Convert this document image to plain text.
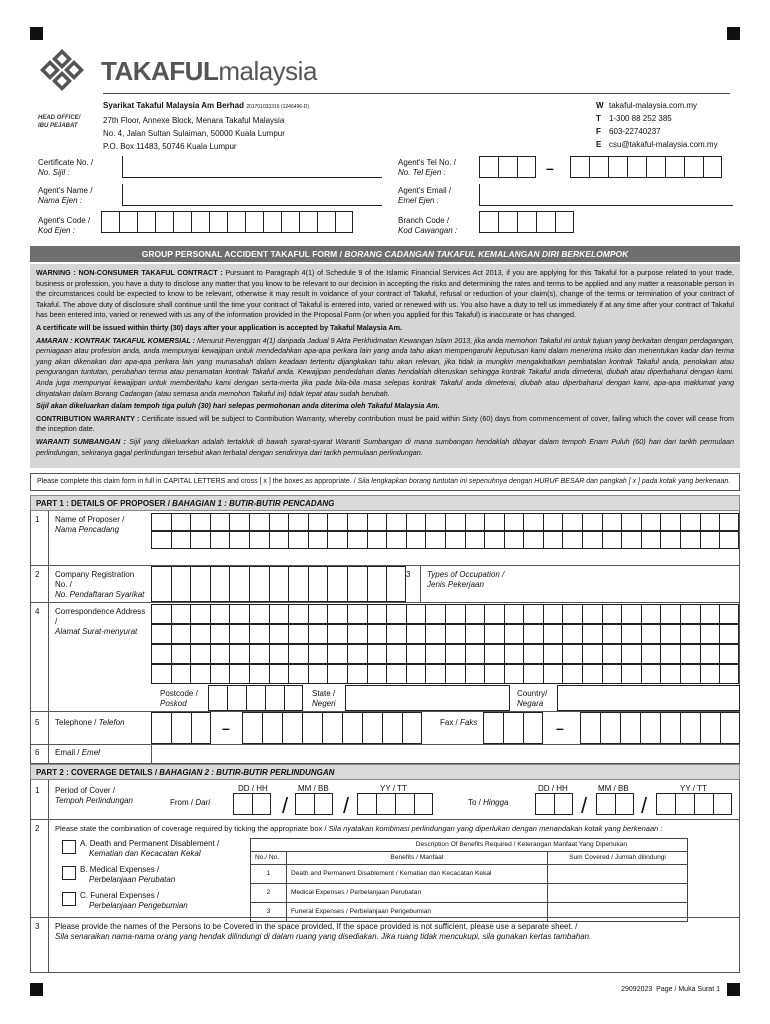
TAKAFULmalaysia
HEAD OFFICE/
IBU PEJABAT
Syarikat Takaful Malaysia Am Berhad 201701033316 (1246496-D)
27th Floor, Annexe Block, Menara Takaful Malaysia
No. 4, Jalan Sultan Sulaiman, 50000 Kuala Lumpur
P.O. Box 11483, 50746 Kuala Lumpur
W takaful-malaysia.com.my
T 1-300 88 252 385
F 603-22740237
E csu@takaful-malaysia.com.my
Certificate No. /
No. Sijil :
Agent's Name /
Nama Ejen :
Agent's Code /
Kod Ejen :
Agent's Tel No. /
No. Tel Ejen :	–
Agent's Email /
Emel Ejen :
Branch Code /
Kod Cawangan :
GROUP PERSONAL ACCIDENT TAKAFUL FORM /
BORANG CADANGAN TAKAFUL KEMALANGAN DIRI BERKELOMPOK

WARNING : NON-CONSUMER TAKAFUL CONTRACT : Pursuant to Paragraph 4(1) of Schedule 9 of the Islamic Financial Services Act 2013, if you are applying for this Takaful for a purpose related to your trade, business or profession, you have a duty to disclose any matter that you know to be relevant to our decision in accepting the risks and determining the rates and terms to be applied and any matter a reasonable person in the circumstances could be expected to know to be relevant, otherwise it may result in voidance of your contract of Takaful, refusal or reduction of your claim(s), change of the terms or termination of your contract of Takaful. The above duty of disclosure shall continue until the time your contract of Takaful is entered into, varied or renewed with us. You also have a duty to tell us immediately if at any time after your contract of Takaful has been entered into, varied or renewed with us any of the information provided in the Proposal Form (or when you applied for this Takaful) is inaccurate or has changed.

A certificate will be issued within thirty (30) days after your application is accepted by Takaful Malaysia Am.

AMARAN : KONTRAK TAKAFUL KOMERSIAL : Menurut Perenggan 4(1) daripada Jadual 9 Akta Perkhidmatan Kewangan Islam 2013, jika anda memohon Takaful ini untuk tujuan yang berkaitan dengan perdagangan, perniagaan atau profesion anda, anda mempunyai kewajipan untuk mendedahkan apa-apa perkara lain yang anda tahu akan mempengaruhi keputusan kami dalam menerima risiko dan menentukan kadar dan terma yang akan dikenakan dan apa-apa perkara lain yang munasabah dalam keadaan tertentu dijangkakan tahu akan relevan, jika tidak ia mungkin mengakibatkan pembatalan kontrak Takaful anda, penolakan atau pengurangan tuntutan, perubahan terma atau penamatan kontrak Takaful anda. Kewajipan pendedahan diatas hendaklah diteruskan sehingga kontrak Takaful anda dimeterai, diubah atau diperbaharui dengan kami. Anda juga mempunyai kewajipan untuk memberitahu kami dengan serta-merta jika pada bila-bila masa selepas kontrak Takaful anda dimeterai, diubah atau diperbaharui dengan kami, apa-apa maklumat yang dinyatakan dalam Borang Cadangan (atau semasa anda memohon Takaful ini) tidak tepat atau sudah berubah.

Sijil akan dikeluarkan dalam tempoh tiga puluh (30) hari selepas permohonan anda diterima oleh Takaful Malaysia Am.

CONTRIBUTION WARRANTY : Certificate issued will be subject to Contribution Warranty, whereby contribution must be paid within Sixty (60) days from commencement of cover, failing which the cover will cease from the inception date.

WARANTI SUMBANGAN : Sijil yang dikeluarkan adalah tertakluk di bawah syarat-syarat Waranti Sumbangan di mana sumbangan hendaklah dibayar dalam tempoh Enam Puluh (60) hari dari tarikh permulaan perlindungan, sekiranya gagal perlindungan tersebut akan terbatal dengan sendirinya dari tarikh permulaan perlindungan.

Please complete this claim form in full in CAPITAL LETTERS and cross [ x ] the boxes as appropriate. / Sila lengkapkan borang tuntutan ini sepenuhnya dengan HURUF BESAR dan pangkah [ x ] pada kotak yang berkenaan.
PART 1 : DETAILS OF PROPOSER / BAHAGIAN 1 : BUTIR-BUTIR PENCADANG
1 Name of Proposer /
Nama Pencadang
2 Company Registration No. /
No. Pendaftaran Syarikat
3 Types of Occupation /
Jenis Pekerjaan
4 Correspondence Address /
Alamat Surat-menyurat
Postcode /
Poskod
State /
Negeri
Country/
Negara
5 Telephone / Telefon	–	Fax / Faks	–
6 Email / Emel
PART 2 : COVERAGE DETAILS / BAHAGIAN 2 : BUTIR-BUTIR PERLINDUNGAN
1 Period of Cover /
Tempoh Perlindungan	From / Dari
DD / HH	MM / BB	YY / TT
/ /	To / Hingga
DD / HH	MM / BB	YY / TT
/ /
2 Please state the combination of coverage required by ticking the appropriate box / Sila nyatakan kombinasi perlindungan yang diperlukan dengan menandakan kotak yang berkenaan :
A. Death and Permanent Disablement /
Kematian dan Kecacatan Kekal
B. Medical Expenses /
Perbelanjaan Perubatan
C. Funeral Expenses /
Perbelanjaan Pengebumian
Description Of Benefits Required / Keterangan Manfaat Yang Diperlukan		
No./ No.	Benefits / Manfaat	Sum Covered / Jumlah dilindungi
1	Death and Permanent Disablement / Kematian dan Kecacatan Kekal	
2	Medical Expenses / Perbelanjaan Perubatan	
3	Funeral Expenses / Perbelanjaan Pengebumian	
3 Please provide the names of the Persons to be Covered in the space provided, If the space provided is not sufficient, please use a separate sheet. /
Sila senaraikan nama-nama orang yang hendak dilindungi di dalam ruang yang disediakan. Jika ruang tidak mencukupi, sila gunakan kertas tambahan.
29092023 Page / Muka Surat 1
